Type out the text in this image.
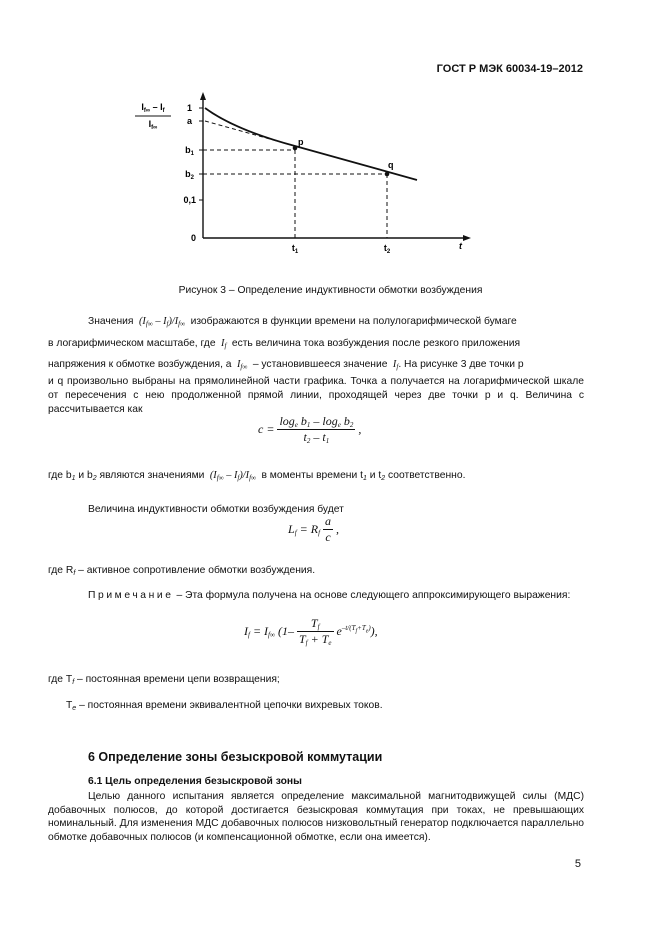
ГОСТ Р МЭК 60034-19–2012
$I_{f\infty} - I_f$
$I_{f\infty}$
1
a
$b_1$
$b_2$
0,1
0
p
q
$t_1$	$t_2$
t
Рисунок 3 – Определение индуктивности обмотки возбуждения
Значения  $(I_{f\infty} - I_f)/I_{f\infty}$ изображаются в функции времени на полулогарифмической бумаге
в логарифмическом масштабе, где  $I_f$ есть величина тока возбуждения после резкого приложения
напряжения к обмотке возбуждения, а  $I_{f\infty}$ – установившееся значение  $I_f$. На рисунке 3 две точки р
и q произвольно выбраны на прямолинейной части графика. Точка а получается на логарифмической шкале от пересечения с нею продолженной прямой линии, проходящей через две точки р и q. Величина с рассчитывается как
$c = \frac{\log_e b_1 - \log_e b_2}{t_2 - t_1}$ ,
где $b_1$ и $b_2$ являются значениями  $(I_{f\infty} - I_f)/I_{f\infty}$ в моменты времени $t_1$ и $t_2$ соответственно.
Величина индуктивности обмотки возбуждения будет
$L_f = R_f \frac{a}{c}$ ,
где $R_f$ – активное сопротивление обмотки возбуждения.
Примечание – Эта формула получена на основе следующего аппроксимирующего выражения:
$I_f = I_{f\infty}$ $(1- \frac{T_f}{T_f + T_e} e^{-t/(T_f+T_e)})$,
где $T_f$ – постоянная времени цепи возвращения;
$T_e$ – постоянная времени эквивалентной цепочки вихревых токов.
6 Определение зоны безыскровой коммутации
6.1 Цель определения безыскровой зоны
Целью данного испытания является определение максимальной магнитодвижущей силы (МДС) добавочных полюсов, до которой достигается безыскровая коммутация при токах, не превышающих номинальный. Для изменения МДС добавочных полюсов низковольтный генератор подключается параллельно обмотке добавочных полюсов (и компенсационной обмотке, если она имеется).
5
